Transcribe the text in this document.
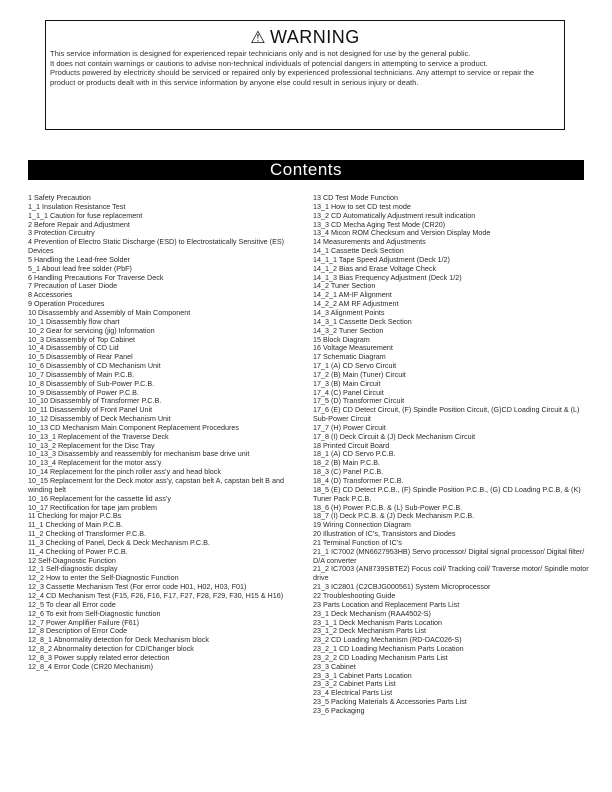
⚠ WARNING

This service information is designed for experienced repair technicians only and is not designed for use by the general public.

It does not contain warnings or cautions to advise non-technical individuals of potencial dangers in attempting to service a product.

Products powered by electricity should be serviced or repaired only by experienced professional technicians. Any attempt to service or repair the product or products dealt with in this service information by anyone else could result in serious injury or death.

Contents
1 Safety Precaution
1_1 Insulation Resistance Test
1_1_1 Caution for fuse replacement
2 Before Repair and Adjustment
3 Protection Circuitry
4 Prevention of Electro Static Discharge (ESD) to Electrostatically Sensitive (ES) Devices
5 Handling the Lead-free Solder
5_1 About lead free solder (PbF)
6 Handling Precautions For Traverse Deck
7 Precaution of Laser Diode
8 Accessories
9 Operation Procedures
10 Disassembly and Assembly of Main Component
10_1 Disassembly flow chart
10_2 Gear for servicing (jig) Information
10_3 Disassembly of Top Cabinet
10_4 Disassembly of CD Lid
10_5 Disassembly of Rear Panel
10_6 Disassembly of CD Mechanism Unit
10_7 Disassembly of Main P.C.B.
10_8 Disassembly of Sub-Power P.C.B.
10_9 Disassembly of Power P.C.B.
10_10 Disassembly of Transformer P.C.B.
10_11 Disassembly of Front Panel Unit
10_12 Disassembly of Deck Mechanism Unit
10_13 CD Mechanism Main Component Replacement Procedures
10_13_1 Replacement of the Traverse Deck
10_13_2 Replacement for the Disc Tray
10_13_3 Disassembly and reassembly for mechanism base drive unit
10_13_4 Replacement for the motor ass’y
10_14 Replacement for the pinch roller ass’y and head block
10_15 Replacement for the Deck motor ass’y, capstan belt A, capstan belt B and winding belt
10_16 Replacement for the cassette lid ass’y
10_17 Rectification for tape jam problem
11 Checking for major P.C.Bs
11_1 Checking of Main P.C.B.
11_2 Checking of Transformer P.C.B.
11_3 Checking of Panel, Deck & Deck Mechanism P.C.B.
11_4 Checking of Power P.C.B.
12 Self-Diagnostic Function
12_1 Self-diagnostic display
12_2 How to enter the Self-Diagnostic Function
12_3 Cassette Mechanism Test (For error code H01, H02, H03, F01)
12_4 CD Mechanism Test (F15, F26, F16, F17, F27, F28, F29, F30, H15 & H16)
12_5 To clear all Error code
12_6 To exit from Self-Diagnostic function
12_7 Power Amplifier Failure (F61)
12_8 Description of Error Code
12_8_1 Abnormality detection for Deck Mechanism block
12_8_2 Abnormality detection for CD/Changer block
12_8_3 Power supply related error detection
12_8_4 Error Code (CR20 Mechanism)
13 CD Test Mode Function
13_1 How to set CD test mode
13_2 CD Automatically Adjustment result indication
13_3 CD Mecha Aging Test Mode (CR20)
13_4 Micon ROM Checksum and Version Display Mode
14 Measurements and Adjustments
14_1 Cassette Deck Section
14_1_1 Tape Speed Adjustment (Deck 1/2)
14_1_2 Bias and Erase Voltage Check
14_1_3 Bias Frequency Adjustment (Deck 1/2)
14_2 Tuner Section
14_2_1 AM-IF Alignment
14_2_2 AM RF Adjustment
14_3 Alignment Points
14_3_1 Cassette Deck Section
14_3_2 Tuner Section
15 Block Diagram
16 Voltage Measurement
17 Schematic Diagram
17_1 (A) CD Servo Circuit
17_2 (B) Main (Tuner) Circuit
17_3 (B) Main Circuit
17_4 (C) Panel Circuit
17_5 (D) Transformer Circuit
17_6 (E) CD Detect Circuit, (F) Spindle Position Circuit, (G)CD Loading Circuit & (L) Sub-Power Circuit
17_7 (H) Power Circuit
17_8 (I) Deck Circuit & (J) Deck Mechanism Circuit
18 Printed Circuit Board
18_1 (A) CD Servo P.C.B.
18_2 (B) Main P.C.B.
18_3 (C) Panel P.C.B.
18_4 (D) Transformer P.C.B.
18_5 (E) CD Detect P.C.B., (F) Spindle Position P.C.B., (G) CD Loading P.C.B, & (K) Tuner Pack P.C.B.
18_6 (H) Power P.C.B. & (L) Sub-Power P.C.B.
18_7 (I) Deck P.C.B. & (J) Deck Mechanism P.C.B.
19 Wiring Connection Diagram
20 Illustration of IC’s, Transistors and Diodes
21 Terminal Function of IC’s
21_1 IC7002 (MN6627953HB) Servo processor/ Digital signal processor/ Digital filter/ D/A converter
21_2 IC7003 (AN8739SBTE2) Focus coil/ Tracking coil/ Traverse motor/ Spindle motor drive
21_3 IC2801 (C2CBJG000561) System Microprocessor
22 Troubleshooting Guide
23 Parts Location and Replacement Parts List
23_1 Deck Mechanism (RAA4502-S)
23_1_1 Deck Mechanism Parts Location
23_1_2 Deck Mechanism Parts List
23_2 CD Loading Mechanism (RD-DAC026-S)
23_2_1 CD Loading Mechanism Parts Location
23_2_2 CD Loading Mechanism Parts List
23_3 Cabinet
23_3_1 Cabinet Parts Location
23_3_2 Cabinet Parts List
23_4 Electrical Parts List
23_5 Packing Materials & Accessories Parts List
23_6 Packaging
